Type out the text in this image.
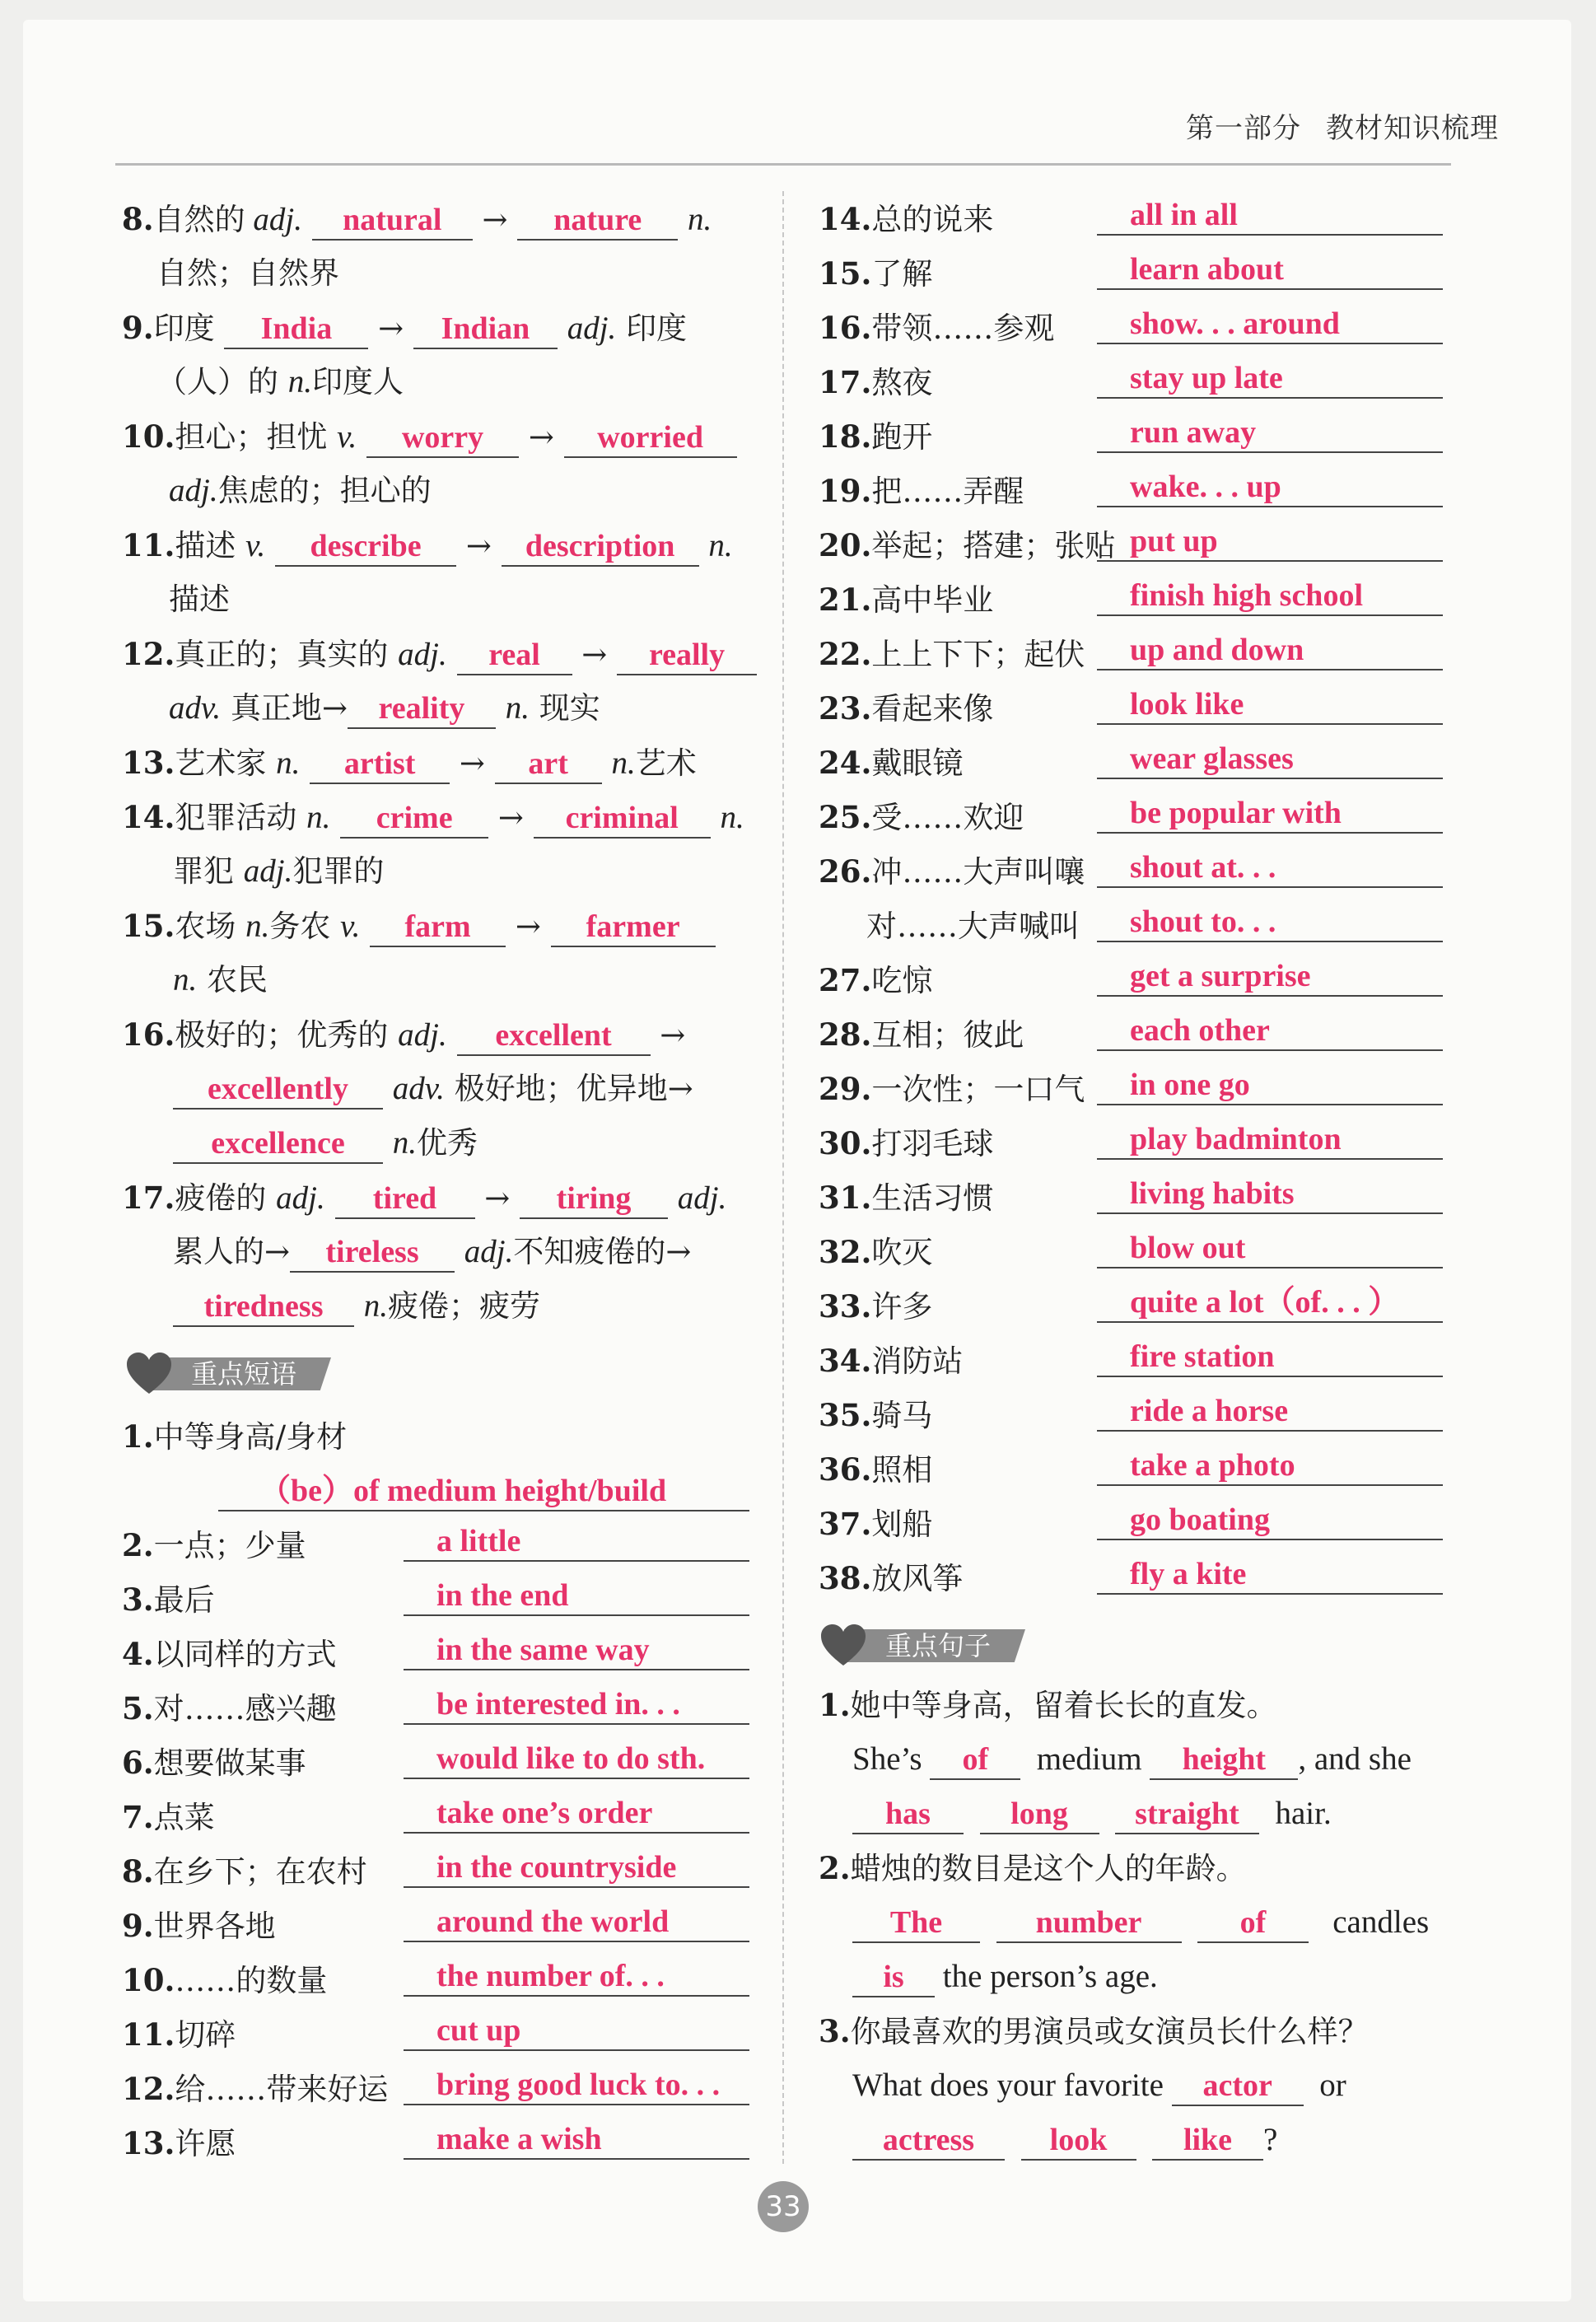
第一部分 教材知识梳理
8.自然的 adj. natural → nature n.
自然；自然界
9.印度 India → Indian adj. 印度
（人）的 n.印度人
10.担心；担忧 v. worry → worried
adj.焦虑的；担心的
11.描述 v. describe → description n.
描述
12.真正的；真实的 adj. real → really
adv. 真正地→ reality n. 现实
13.艺术家 n. artist → art n.艺术
14.犯罪活动 n. crime → criminal n.
罪犯 adj.犯罪的
15.农场 n.务农 v. farm → farmer
n. 农民
16.极好的；优秀的 adj. excellent →
excellently adv. 极好地；优异地→
excellence n.优秀
17.疲倦的 adj. tired → tiring adj.
累人的→ tireless adj.不知疲倦的→
tiredness n.疲倦；疲劳
重点短语
1.中等身高/身材
（be）of medium height/build
2.一点；少量	a little
3.最后	in the end
4.以同样的方式	in the same way
5.对……感兴趣	be interested in. . .
6.想要做某事	would like to do sth.
7.点菜	take one’s order
8.在乡下；在农村	in the countryside
9.世界各地	around the world
10.……的数量	the number of. . .
11.切碎	cut up
12.给……带来好运	bring good luck to. . .
13.许愿	make a wish
14.总的说来	all in all
15.了解	learn about
16.带领……参观	show. . . around
17.熬夜	stay up late
18.跑开	run away
19.把……弄醒	wake. . . up
20.举起；搭建；张贴 put up
21.高中毕业	finish high school
22.上上下下；起伏	up and down
23.看起来像	look like
24.戴眼镜	wear glasses
25.受……欢迎	be popular with
26.冲……大声叫嚷	shout at. . .
对……大声喊叫	shout to. . .
27.吃惊	get a surprise
28.互相；彼此	each other
29.一次性；一口气	in one go
30.打羽毛球	play badminton
31.生活习惯	living habits
32.吹灭	blow out
33.许多	quite a lot（of. . . ）
34.消防站	fire station
35.骑马	ride a horse
36.照相	take a photo
37.划船	go boating
38.放风筝	fly a kite
重点句子
1.她中等身高，留着长长的直发。
She’s of medium height , and she
has	long straight hair.
2.蜡烛的数目是这个人的年龄。
The	number	of candles
is the person’s age.
3.你最喜欢的男演员或女演员长什么样？
What does your favorite actor or
actress look like ?
33
